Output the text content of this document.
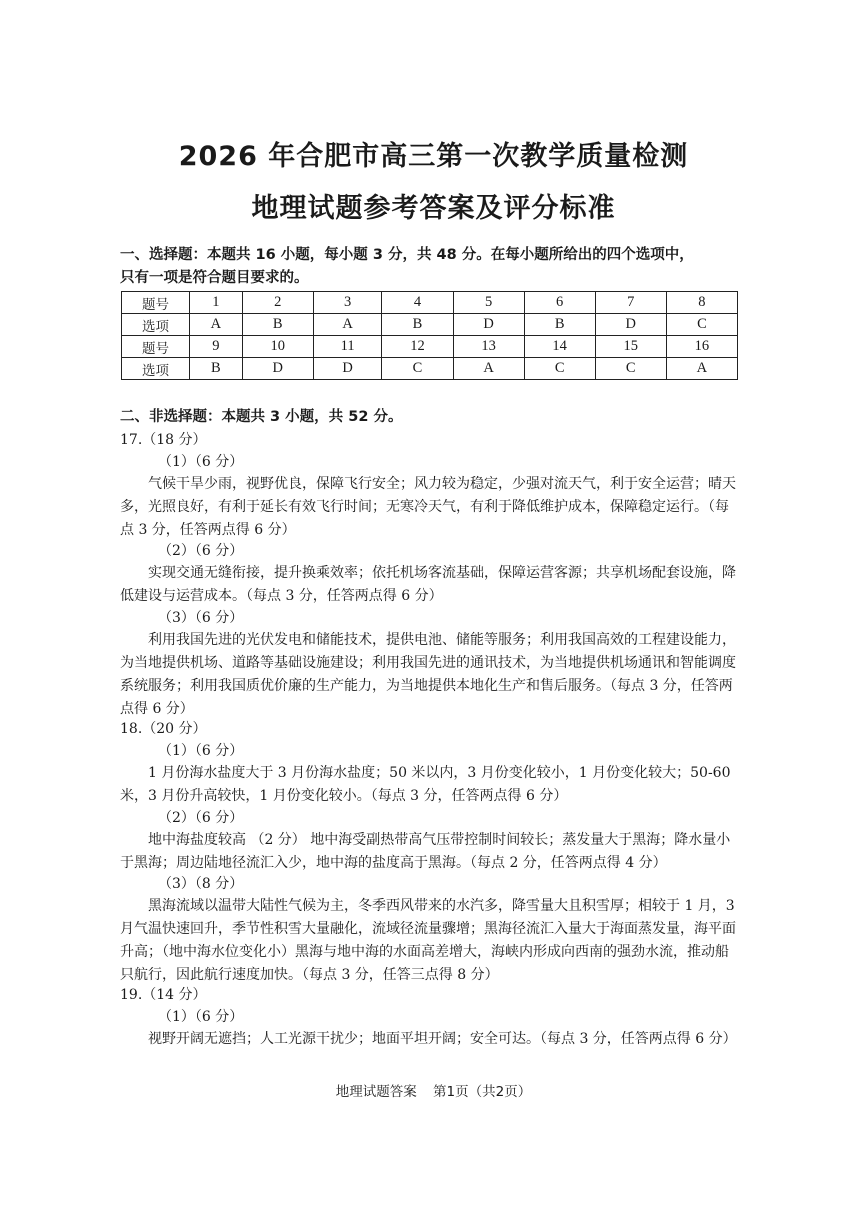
2026 年合肥市高三第一次教学质量检测
地理试题参考答案及评分标准

一、选择题：本题共 16 小题，每小题 3 分，共 48 分。在每小题所给出的四个选项中，

只有一项是符合题目要求的。

题号	1	2	3	4	5	6	7	8
选项	A	B	A	B	D	B	D	C
题号	9	10	11	12	13	14	15	16
选项	B	D	D	C	A	C	C	A
二、非选择题：本题共 3 小题，共 52 分。
17.（18 分）
（1）（6 分）

气候干旱少雨，视野优良，保障飞行安全；风力较为稳定，少强对流天气，利于安全运营；晴天多，光照良好，有利于延长有效飞行时间；无寒冷天气，有利于降低维护成本，保障稳定运行。（每点 3 分，任答两点得 6 分）

（2）（6 分）

实现交通无缝衔接，提升换乘效率；依托机场客流基础，保障运营客源；共享机场配套设施，降低建设与运营成本。（每点 3 分，任答两点得 6 分）

（3）（6 分）

利用我国先进的光伏发电和储能技术，提供电池、储能等服务；利用我国高效的工程建设能力，为当地提供机场、道路等基础设施建设；利用我国先进的通讯技术，为当地提供机场通讯和智能调度系统服务；利用我国质优价廉的生产能力，为当地提供本地化生产和售后服务。（每点 3 分，任答两点得 6 分）

18.（20 分）
（1）（6 分）

1 月份海水盐度大于 3 月份海水盐度；50 米以内，3 月份变化较小，1 月份变化较大；50-60 米，3 月份升高较快，1 月份变化较小。（每点 3 分，任答两点得 6 分）

（2）（6 分）

地中海盐度较高 （2 分） 地中海受副热带高气压带控制时间较长；蒸发量大于黑海；降水量小于黑海；周边陆地径流汇入少，地中海的盐度高于黑海。（每点 2 分，任答两点得 4 分）

（3）（8 分）

黑海流域以温带大陆性气候为主，冬季西风带来的水汽多，降雪量大且积雪厚；相较于 1 月，3 月气温快速回升，季节性积雪大量融化，流域径流量骤增；黑海径流汇入量大于海面蒸发量，海平面升高；（地中海水位变化小）黑海与地中海的水面高差增大，海峡内形成向西南的强劲水流，推动船只航行，因此航行速度加快。（每点 3 分，任答三点得 8 分）

19.（14 分）
（1）（6 分）

视野开阔无遮挡；人工光源干扰少；地面平坦开阔；安全可达。（每点 3 分，任答两点得 6 分）

地理试题答案 第1页（共2页）
